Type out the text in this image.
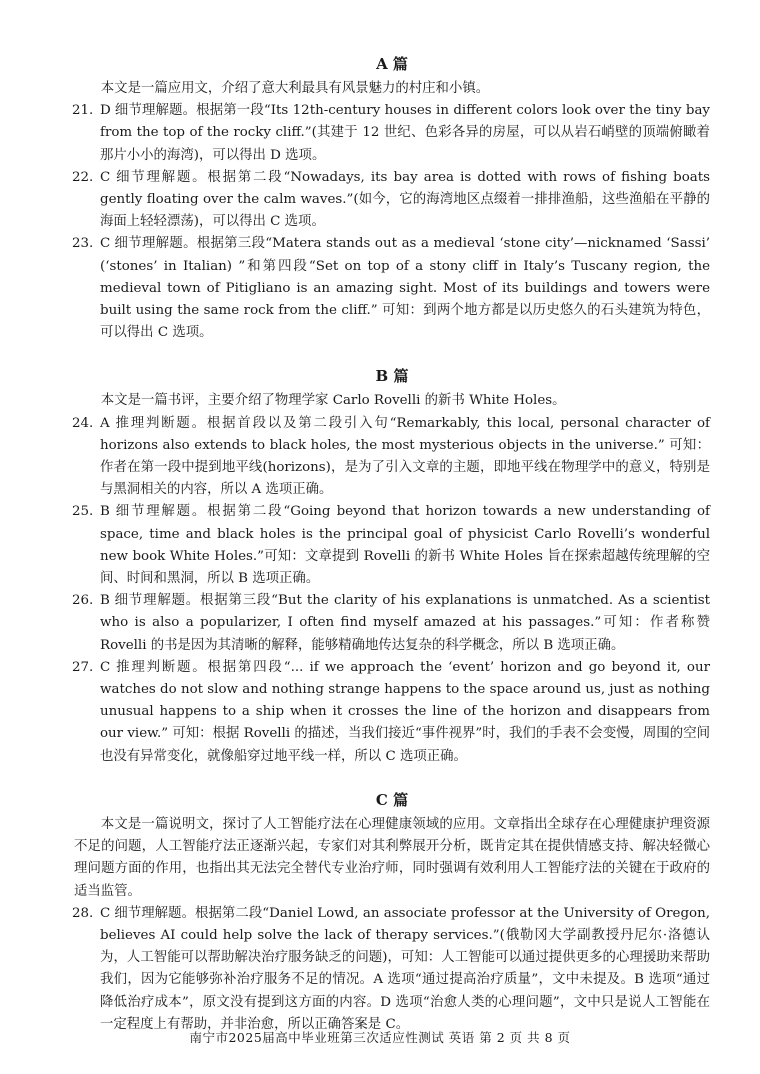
A 篇

本文是一篇应用文，介绍了意大利最具有风景魅力的村庄和小镇。

21. D 细节理解题。根据第一段“Its 12th-century houses in different colors look over the tiny bay from the top of the rocky cliff.”(其建于 12 世纪、色彩各异的房屋，可以从岩石峭壁的顶端俯瞰着那片小小的海湾)，可以得出 D 选项。
22. C 细节理解题。根据第二段“Nowadays, its bay area is dotted with rows of fishing boats gently floating over the calm waves.”(如今，它的海湾地区点缀着一排排渔船，这些渔船在平静的海面上轻轻漂荡)，可以得出 C 选项。
23. C 细节理解题。根据第三段“Matera stands out as a medieval ‘stone city’—nicknamed ‘Sassi’ (‘stones’ in Italian) ”和第四段“Set on top of a stony cliff in Italy’s Tuscany region, the medieval town of Pitigliano is an amazing sight. Most of its buildings and towers were built using the same rock from the cliff.” 可知：到两个地方都是以历史悠久的石头建筑为特色，可以得出 C 选项。
B 篇

本文是一篇书评，主要介绍了物理学家 Carlo Rovelli 的新书 White Holes。

24. A 推理判断题。根据首段以及第二段引入句“Remarkably, this local, personal character of horizons also extends to black holes, the most mysterious objects in the universe.” 可知：作者在第一段中提到地平线(horizons)，是为了引入文章的主题，即地平线在物理学中的意义，特别是与黑洞相关的内容，所以 A 选项正确。
25. B 细节理解题。根据第二段“Going beyond that horizon towards a new understanding of space, time and black holes is the principal goal of physicist Carlo Rovelli’s wonderful new book White Holes.”可知：文章提到 Rovelli 的新书 White Holes 旨在探索超越传统理解的空间、时间和黑洞，所以 B 选项正确。
26. B 细节理解题。根据第三段“But the clarity of his explanations is unmatched. As a scientist who is also a popularizer, I often find myself amazed at his passages.”可知：作者称赞 Rovelli 的书是因为其清晰的解释，能够精确地传达复杂的科学概念，所以 B 选项正确。
27. C 推理判断题。根据第四段“... if we approach the ‘event’ horizon and go beyond it, our watches do not slow and nothing strange happens to the space around us, just as nothing unusual happens to a ship when it crosses the line of the horizon and disappears from our view.” 可知：根据 Rovelli 的描述，当我们接近“事件视界”时，我们的手表不会变慢，周围的空间也没有异常变化，就像船穿过地平线一样，所以 C 选项正确。
C 篇

本文是一篇说明文，探讨了人工智能疗法在心理健康领域的应用。文章指出全球存在心理健康护理资源不足的问题，人工智能疗法正逐渐兴起，专家们对其利弊展开分析，既肯定其在提供情感支持、解决轻微心理问题方面的作用，也指出其无法完全替代专业治疗师，同时强调有效利用人工智能疗法的关键在于政府的适当监管。

28. C 细节理解题。根据第二段“Daniel Lowd, an associate professor at the University of Oregon, believes AI could help solve the lack of therapy services.”(俄勒冈大学副教授丹尼尔·洛德认为，人工智能可以帮助解决治疗服务缺乏的问题)，可知：人工智能可以通过提供更多的心理援助来帮助我们，因为它能够弥补治疗服务不足的情况。A 选项“通过提高治疗质量”，文中未提及。B 选项“通过降低治疗成本”，原文没有提到这方面的内容。D 选项“治愈人类的心理问题”，文中只是说人工智能在一定程度上有帮助，并非治愈，所以正确答案是 C。
南宁市2025届高中毕业班第三次适应性测试 英语 第 2 页 共 8 页
